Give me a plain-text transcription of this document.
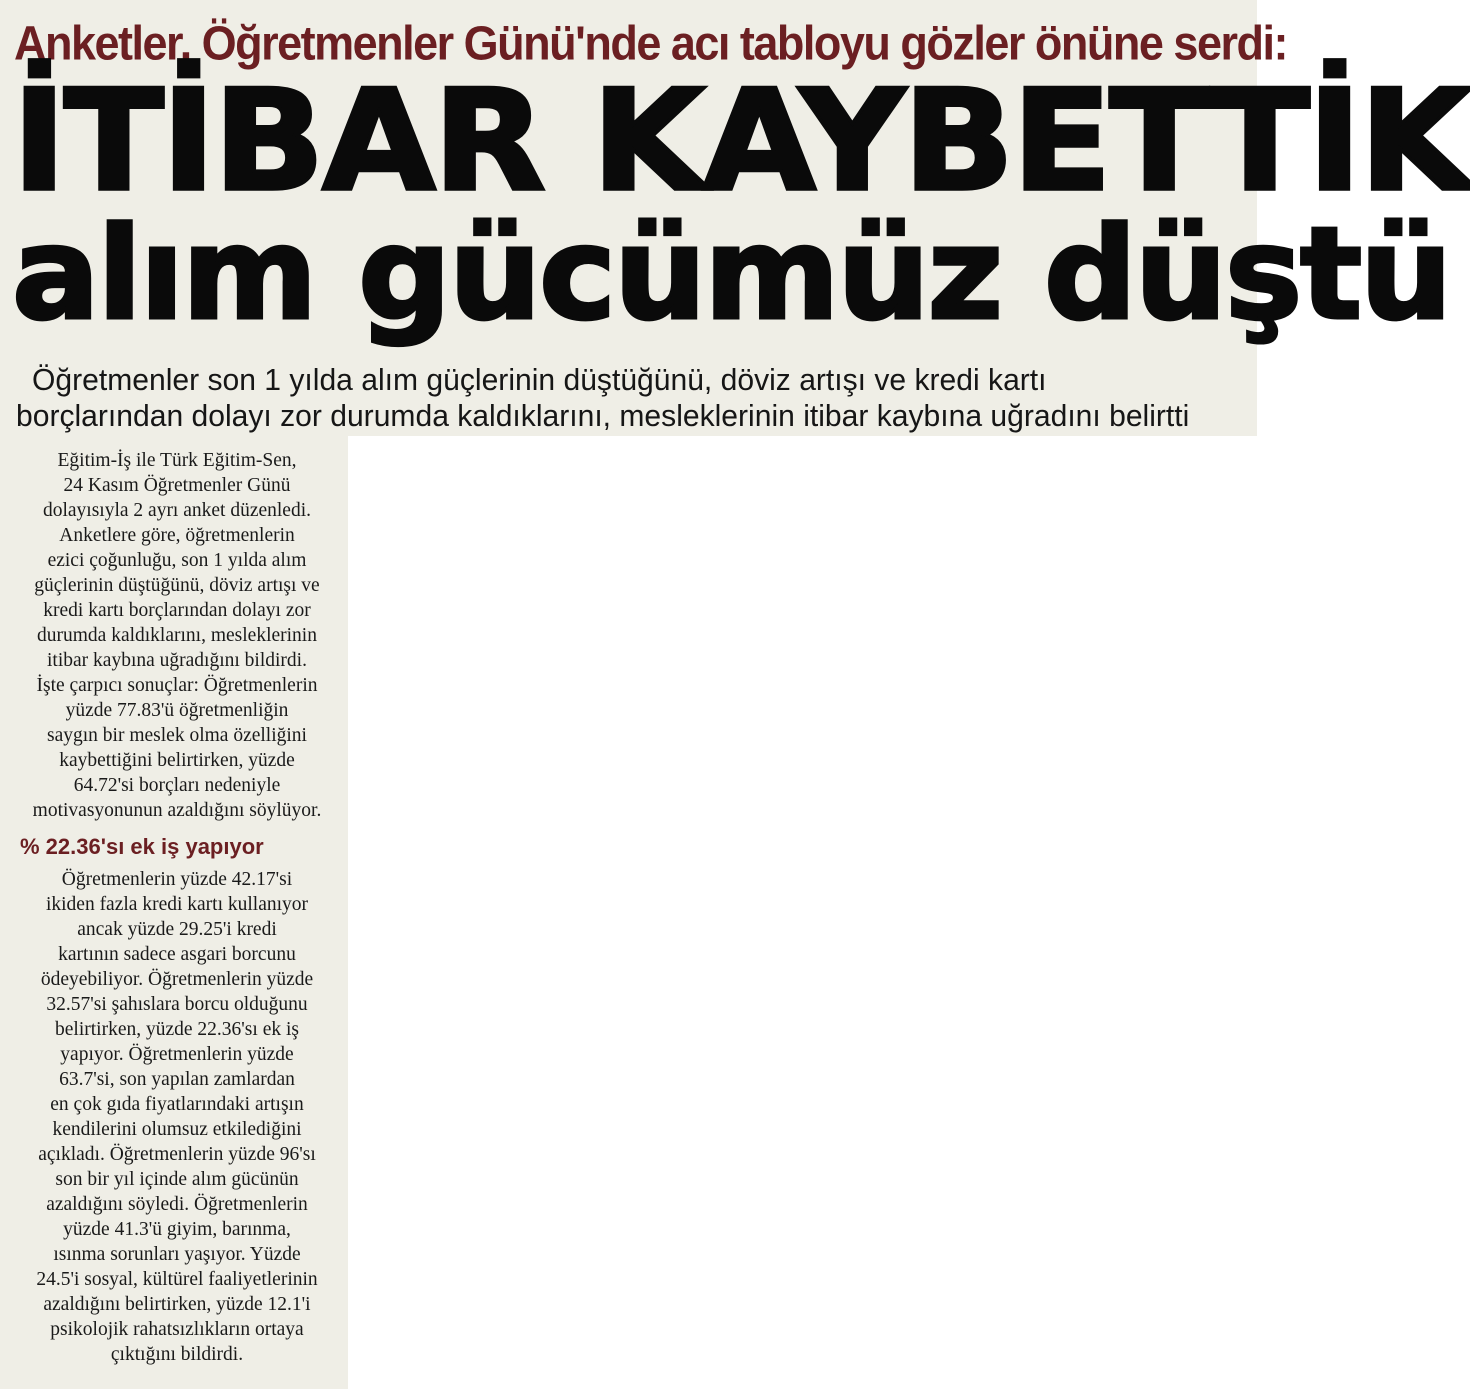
Anketler, Öğretmenler Günü'nde acı tabloyu gözler önüne serdi:
İTİBAR KAYBETTİK
alım gücümüz düştü

Öğretmenler son 1 yılda alım güçlerinin düştüğünü, döviz artışı ve kredi kartı

borçlarından dolayı zor durumda kaldıklarını, mesleklerinin itibar kaybına uğradını belirtti

Eğitim-İş ile Türk Eğitim-Sen,
24 Kasım Öğretmenler Günü
dolayısıyla 2 ayrı anket düzenledi.
Anketlere göre, öğretmenlerin
ezici çoğunluğu, son 1 yılda alım
güçlerinin düştüğünü, döviz artışı ve
kredi kartı borçlarından dolayı zor
durumda kaldıklarını, mesleklerinin
itibar kaybına uğradığını bildirdi.
İşte çarpıcı sonuçlar: Öğretmenlerin
yüzde 77.83'ü öğretmenliğin
saygın bir meslek olma özelliğini
kaybettiğini belirtirken, yüzde
64.72'si borçları nedeniyle
motivasyonunun azaldığını söylüyor.

% 22.36'sı ek iş yapıyor

Öğretmenlerin yüzde 42.17'si
ikiden fazla kredi kartı kullanıyor
ancak yüzde 29.25'i kredi
kartının sadece asgari borcunu
ödeyebiliyor. Öğretmenlerin yüzde
32.57'si şahıslara borcu olduğunu
belirtirken, yüzde 22.36'sı ek iş
yapıyor. Öğretmenlerin yüzde
63.7'si, son yapılan zamlardan
en çok gıda fiyatlarındaki artışın
kendilerini olumsuz etkilediğini
açıkladı. Öğretmenlerin yüzde 96'sı
son bir yıl içinde alım gücünün
azaldığını söyledi. Öğretmenlerin
yüzde 41.3'ü giyim, barınma,
ısınma sorunları yaşıyor. Yüzde
24.5'i sosyal, kültürel faaliyetlerinin
azaldığını belirtirken, yüzde 12.1'i
psikolojik rahatsızlıkların ortaya
çıktığını bildirdi.
